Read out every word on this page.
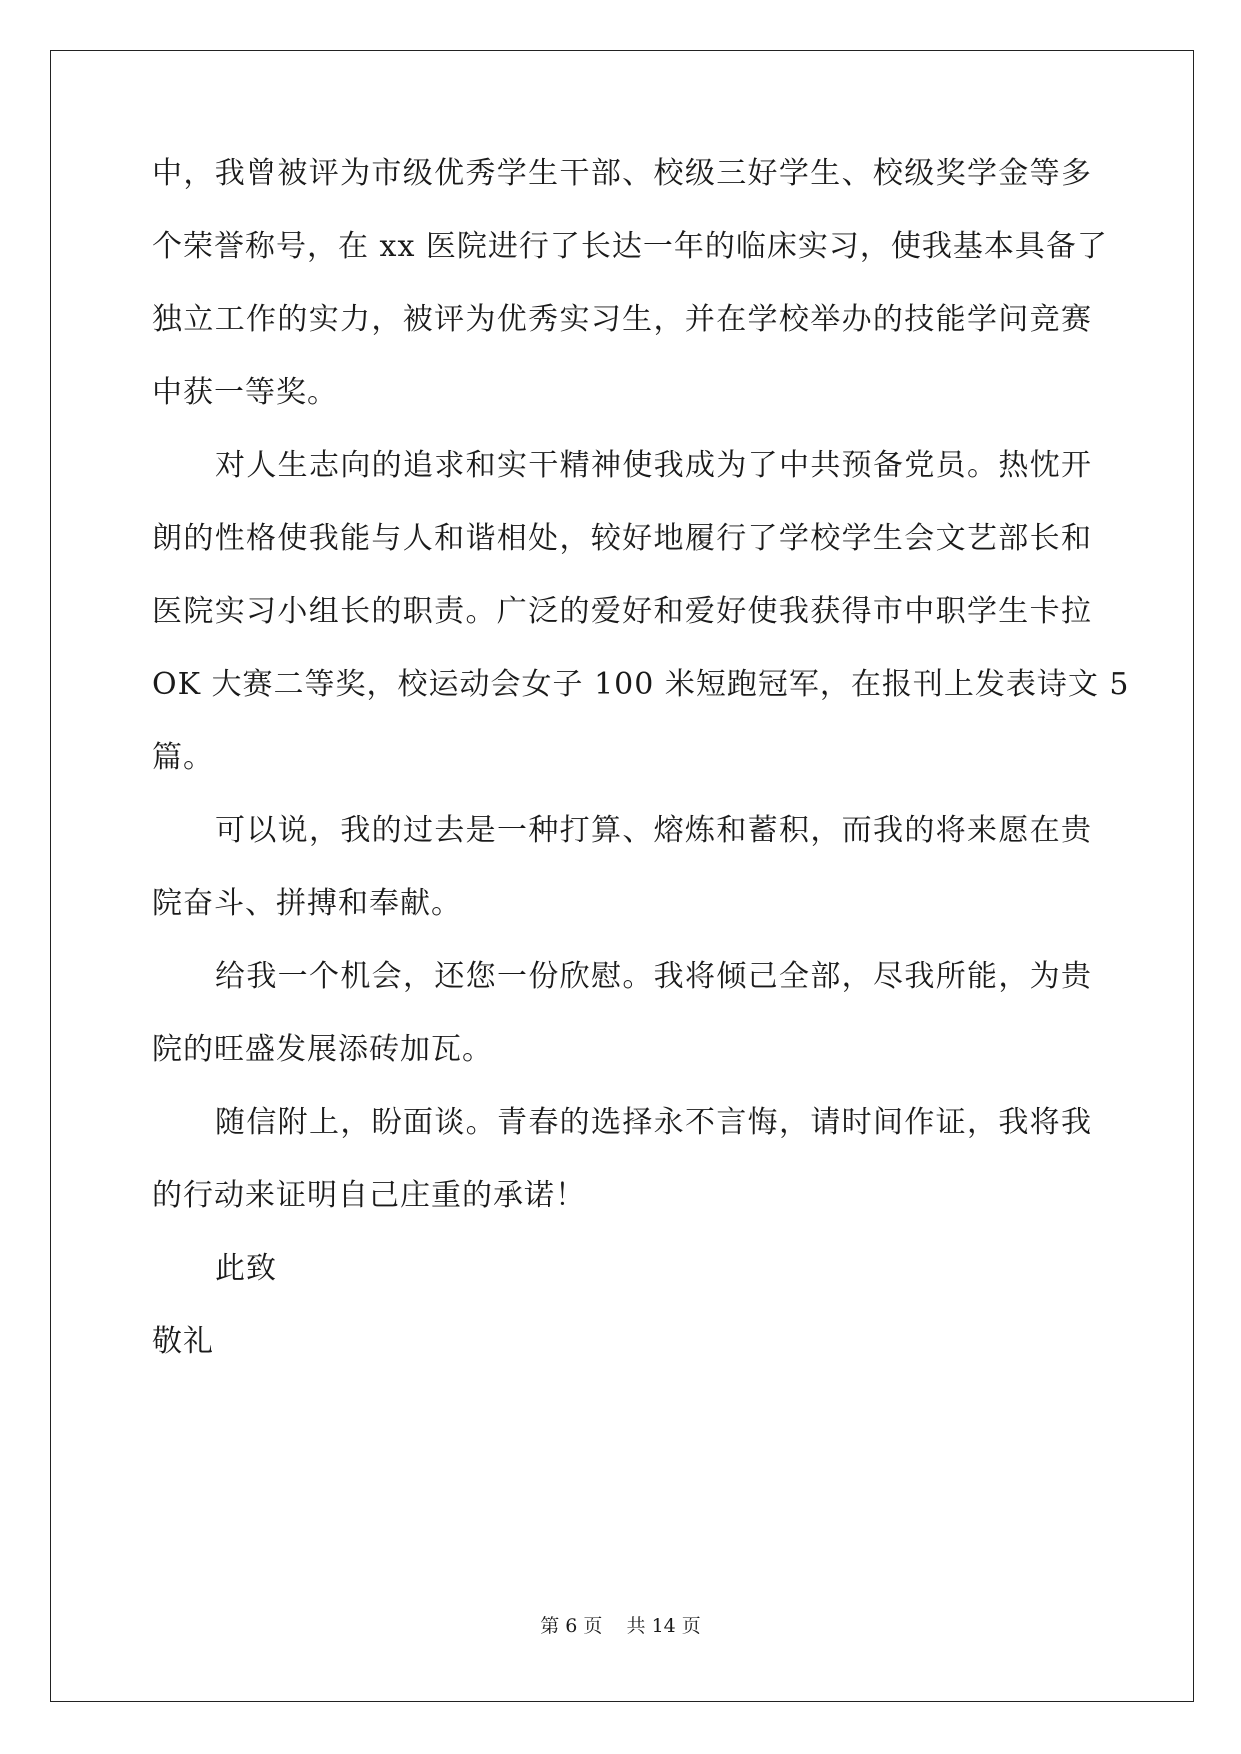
中，我曾被评为市级优秀学生干部、校级三好学生、校级奖学金等多
个荣誉称号，在 xx 医院进行了长达一年的临床实习，使我基本具备了
独立工作的实力，被评为优秀实习生，并在学校举办的技能学问竞赛
中获一等奖。
对人生志向的追求和实干精神使我成为了中共预备党员。热忱开
朗的性格使我能与人和谐相处，较好地履行了学校学生会文艺部长和
医院实习小组长的职责。广泛的爱好和爱好使我获得市中职学生卡拉
OK 大赛二等奖，校运动会女子 100 米短跑冠军，在报刊上发表诗文 5
篇。
可以说，我的过去是一种打算、熔炼和蓄积，而我的将来愿在贵
院奋斗、拼搏和奉献。
给我一个机会，还您一份欣慰。我将倾己全部，尽我所能，为贵
院的旺盛发展添砖加瓦。
随信附上，盼面谈。青春的选择永不言悔，请时间作证，我将我
的行动来证明自己庄重的承诺！
此致
敬礼
第 6 页    共 14 页
